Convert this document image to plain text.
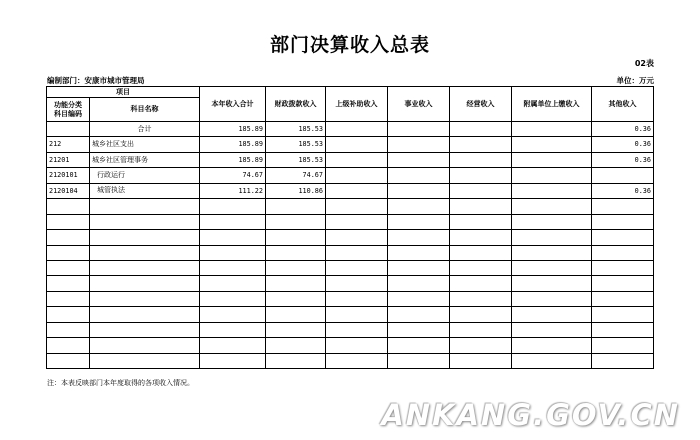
部门决算收入总表
02表
编制部门：安康市城市管理局	单位：万元
项目		本年收入合计	财政拨款收入	上级补助收入	事业收入	经营收入	附属单位上缴收入	其他收入
功能分类
科目编码	科目名称							

	合计	185.89	185.53					0.36
212	城乡社区支出	185.89	185.53					0.36
21201	城乡社区管理事务	185.89	185.53					0.36
2120101	行政运行	74.67	74.67					
2120104	城管执法	111.22	110.86					0.36

注：本表反映部门本年度取得的各项收入情况。
ANKANG.GOV.CN
